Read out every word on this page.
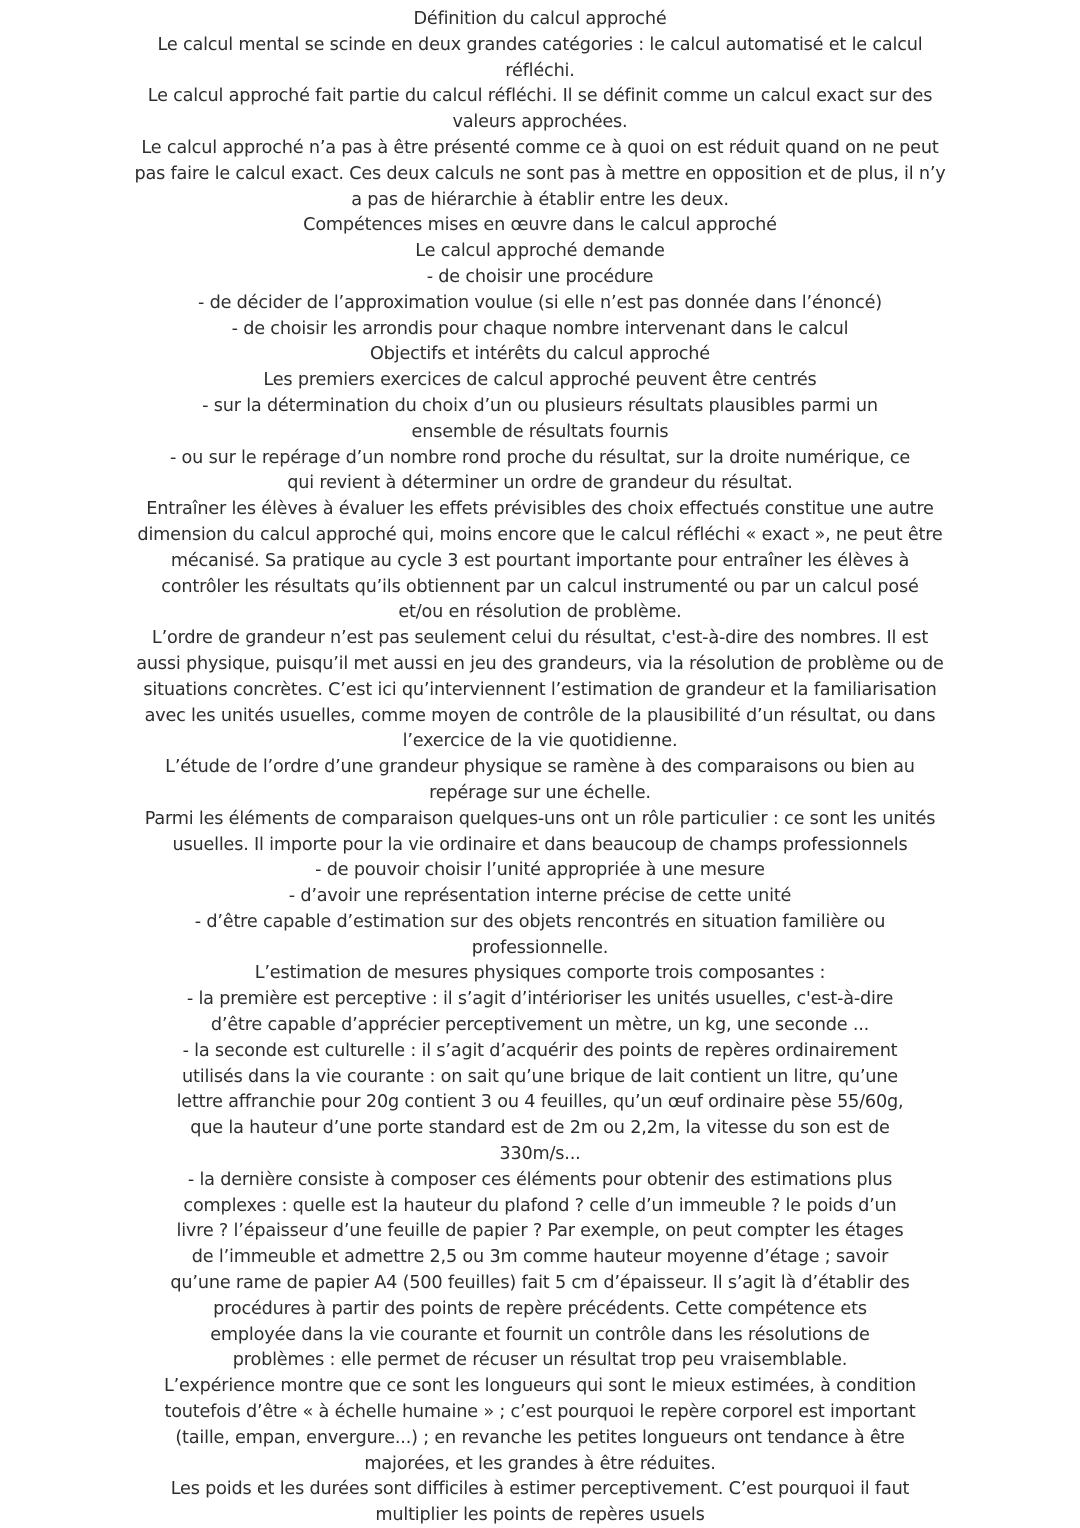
Définition du calcul approché
Le calcul mental se scinde en deux grandes catégories : le calcul automatisé et le calcul
réfléchi.
Le calcul approché fait partie du calcul réfléchi. Il se définit comme un calcul exact sur des
valeurs approchées.
Le calcul approché n’a pas à être présenté comme ce à quoi on est réduit quand on ne peut
pas faire le calcul exact. Ces deux calculs ne sont pas à mettre en opposition et de plus, il n’y
a pas de hiérarchie à établir entre les deux.
Compétences mises en œuvre dans le calcul approché
Le calcul approché demande
- de choisir une procédure
- de décider de l’approximation voulue (si elle n’est pas donnée dans l’énoncé)
- de choisir les arrondis pour chaque nombre intervenant dans le calcul
Objectifs et intérêts du calcul approché
Les premiers exercices de calcul approché peuvent être centrés
- sur la détermination du choix d’un ou plusieurs résultats plausibles parmi un
ensemble de résultats fournis
- ou sur le repérage d’un nombre rond proche du résultat, sur la droite numérique, ce
qui revient à déterminer un ordre de grandeur du résultat.
Entraîner les élèves à évaluer les effets prévisibles des choix effectués constitue une autre
dimension du calcul approché qui, moins encore que le calcul réfléchi « exact », ne peut être
mécanisé. Sa pratique au cycle 3 est pourtant importante pour entraîner les élèves à
contrôler les résultats qu’ils obtiennent par un calcul instrumenté ou par un calcul posé
et/ou en résolution de problème.
L’ordre de grandeur n’est pas seulement celui du résultat, c'est-à-dire des nombres. Il est
aussi physique, puisqu’il met aussi en jeu des grandeurs, via la résolution de problème ou de
situations concrètes. C’est ici qu’interviennent l’estimation de grandeur et la familiarisation
avec les unités usuelles, comme moyen de contrôle de la plausibilité d’un résultat, ou dans
l’exercice de la vie quotidienne.
L’étude de l’ordre d’une grandeur physique se ramène à des comparaisons ou bien au
repérage sur une échelle.
Parmi les éléments de comparaison quelques-uns ont un rôle particulier : ce sont les unités
usuelles. Il importe pour la vie ordinaire et dans beaucoup de champs professionnels
- de pouvoir choisir l’unité appropriée à une mesure
- d’avoir une représentation interne précise de cette unité
- d’être capable d’estimation sur des objets rencontrés en situation familière ou
professionnelle.
L’estimation de mesures physiques comporte trois composantes :
- la première est perceptive : il s’agit d’intérioriser les unités usuelles, c'est-à-dire
d’être capable d’apprécier perceptivement un mètre, un kg, une seconde ...
- la seconde est culturelle : il s’agit d’acquérir des points de repères ordinairement
utilisés dans la vie courante : on sait qu’une brique de lait contient un litre, qu’une
lettre affranchie pour 20g contient 3 ou 4 feuilles, qu’un œuf ordinaire pèse 55/60g,
que la hauteur d’une porte standard est de 2m ou 2,2m, la vitesse du son est de
330m/s...
- la dernière consiste à composer ces éléments pour obtenir des estimations plus
complexes : quelle est la hauteur du plafond ? celle d’un immeuble ? le poids d’un
livre ? l’épaisseur d’une feuille de papier ? Par exemple, on peut compter les étages
de l’immeuble et admettre 2,5 ou 3m comme hauteur moyenne d’étage ; savoir
qu’une rame de papier A4 (500 feuilles) fait 5 cm d’épaisseur. Il s’agit là d’établir des
procédures à partir des points de repère précédents. Cette compétence ets
employée dans la vie courante et fournit un contrôle dans les résolutions de
problèmes : elle permet de récuser un résultat trop peu vraisemblable.
L’expérience montre que ce sont les longueurs qui sont le mieux estimées, à condition
toutefois d’être « à échelle humaine » ; c’est pourquoi le repère corporel est important
(taille, empan, envergure...) ; en revanche les petites longueurs ont tendance à être
majorées, et les grandes à être réduites.
Les poids et les durées sont difficiles à estimer perceptivement. C’est pourquoi il faut
multiplier les points de repères usuels
